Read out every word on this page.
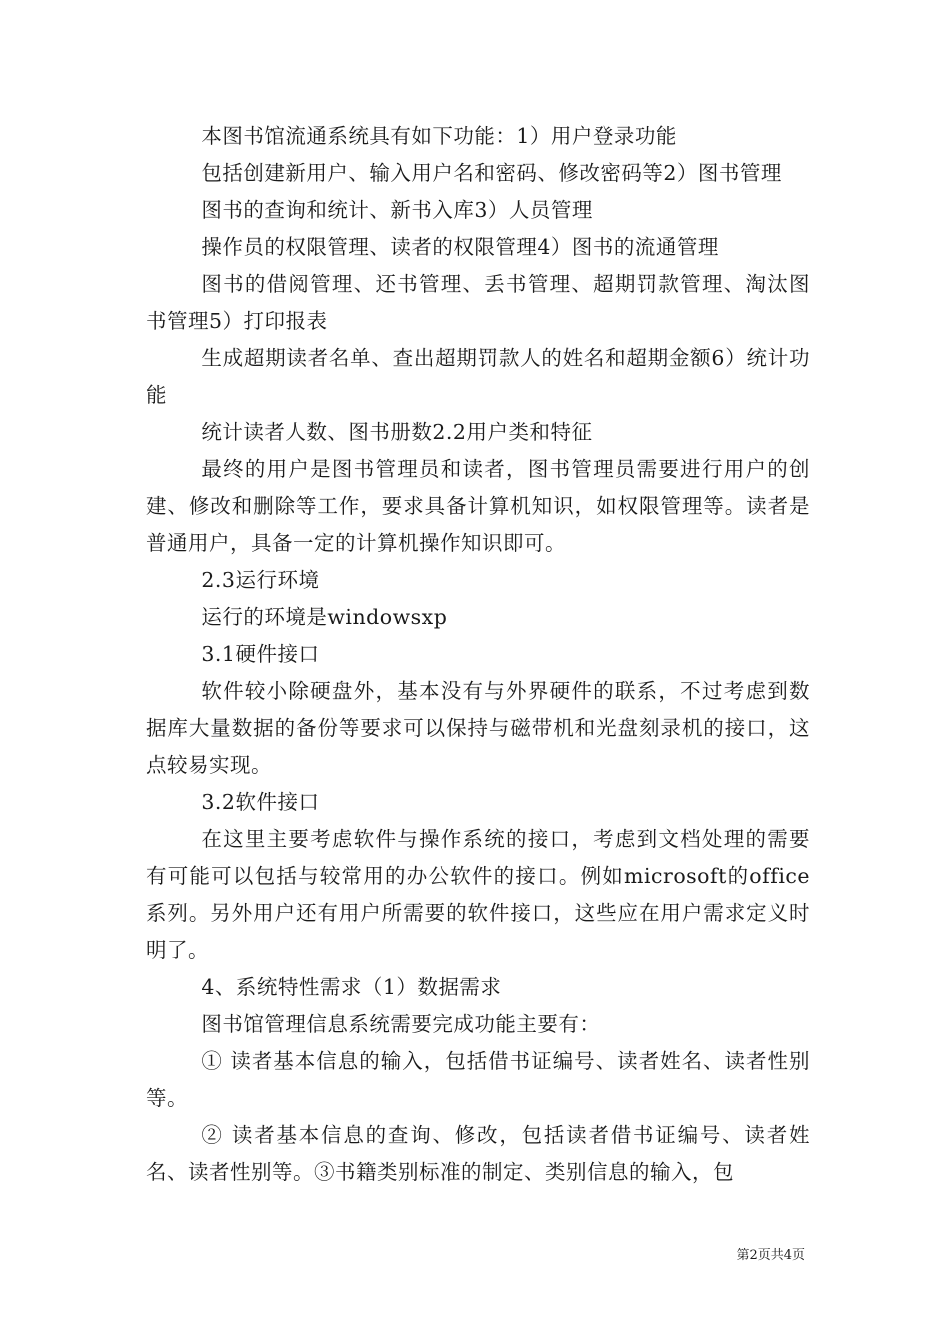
本图书馆流通系统具有如下功能：1）用户登录功能

包括创建新用户、输入用户名和密码、修改密码等2）图书管理

图书的查询和统计、新书入库3）人员管理

操作员的权限管理、读者的权限管理4）图书的流通管理

图书的借阅管理、还书管理、丢书管理、超期罚款管理、淘汰图书管理5）打印报表

生成超期读者名单、查出超期罚款人的姓名和超期金额6）统计功能

统计读者人数、图书册数2.2用户类和特征

最终的用户是图书管理员和读者，图书管理员需要进行用户的创建、修改和删除等工作，要求具备计算机知识，如权限管理等。读者是普通用户，具备一定的计算机操作知识即可。

2.3运行环境

运行的环境是windowsxp

3.1硬件接口

软件较小除硬盘外，基本没有与外界硬件的联系，不过考虑到数据库大量数据的备份等要求可以保持与磁带机和光盘刻录机的接口，这点较易实现。

3.2软件接口

在这里主要考虑软件与操作系统的接口，考虑到文档处理的需要有可能可以包括与较常用的办公软件的接口。例如microsoft的office系列。另外用户还有用户所需要的软件接口，这些应在用户需求定义时明了。

4、系统特性需求（1）数据需求

图书馆管理信息系统需要完成功能主要有：

① 读者基本信息的输入，包括借书证编号、读者姓名、读者性别等。

② 读者基本信息的查询、修改，包括读者借书证编号、读者姓名、读者性别等。③书籍类别标准的制定、类别信息的输入，包

第2页共4页
